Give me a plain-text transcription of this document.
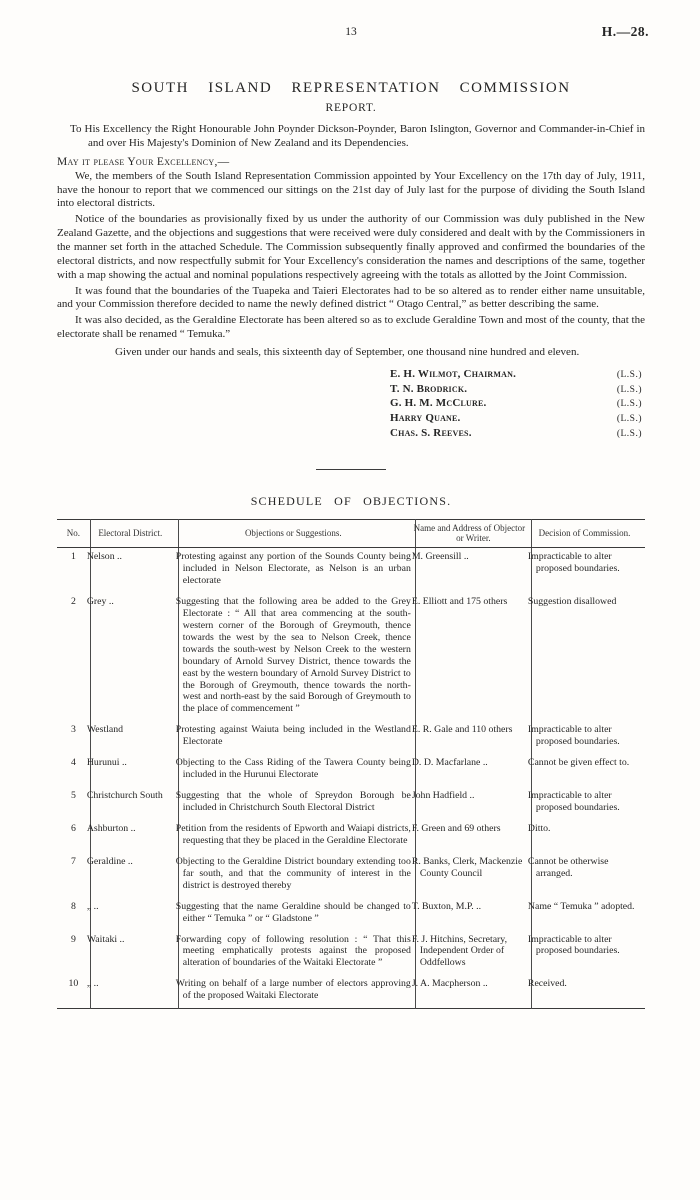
13	H.—28.
SOUTH ISLAND REPRESENTATION COMMISSION
REPORT.

To His Excellency the Right Honourable John Poynder Dickson-Poynder, Baron Islington, Governor and Commander-in-Chief in and over His Majesty's Dominion of New Zealand and its Dependencies.

May it please Your Excellency,—

We, the members of the South Island Representation Commission appointed by Your Excellency on the 17th day of July, 1911, have the honour to report that we commenced our sittings on the 21st day of July last for the purpose of dividing the South Island into electoral districts.

Notice of the boundaries as provisionally fixed by us under the authority of our Commission was duly published in the New Zealand Gazette, and the objections and suggestions that were received were duly considered and dealt with by the Commissioners in the manner set forth in the attached Schedule. The Commission subsequently finally approved and confirmed the boundaries of the electoral districts, and now respectfully submit for Your Excellency's consideration the names and descriptions of the same, together with a map showing the actual and nominal populations respectively agreeing with the totals as allotted by the Joint Commission.

It was found that the boundaries of the Tuapeka and Taieri Electorates had to be so altered as to render either name unsuitable, and your Commission therefore decided to name the newly defined district “ Otago Central,” as better describing the same.

It was also decided, as the Geraldine Electorate has been altered so as to exclude Geraldine Town and most of the county, that the electorate shall be renamed “ Temuka.”

Given under our hands and seals, this sixteenth day of September, one thousand nine hundred and eleven.

E. H. Wilmot, Chairman.	(L.S.)
T. N. Brodrick.	(L.S.)
G. H. M. McClure.	(L.S.)
Harry Quane.	(L.S.)
Chas. S. Reeves.	(L.S.)
SCHEDULE OF OBJECTIONS.
No.	Electoral District.	Objections or Suggestions.	Name and Address of Objector or Writer.	Decision of Commission.
1	Nelson ..	Protesting against any portion of the Sounds County being included in Nelson Electorate, as Nelson is an urban electorate	M. Greensill ..	Impracticable to alter proposed boundaries.
2	Grey ..	Suggesting that the following area be added to the Grey Electorate : “ All that area commencing at the south-western corner of the Borough of Greymouth, thence towards the west by the sea to Nelson Creek, thence towards the south-west by Nelson Creek to the western boundary of Arnold Survey District, thence towards the east by the western boundary of Arnold Survey District to the Borough of Greymouth, thence towards the north-west and north-east by the said Borough of Greymouth to the place of commencement ”	E. Elliott and 175 others	Suggestion disallowed
3	Westland	Protesting against Waiuta being included in the Westland Electorate	E. R. Gale and 110 others	Impracticable to alter proposed boundaries.
4	Hurunui ..	Objecting to the Cass Riding of the Tawera County being included in the Hurunui Electorate	D. D. Macfarlane ..	Cannot be given effect to.
5	Christchurch South	Suggesting that the whole of Spreydon Borough be included in Christchurch South Electoral District	John Hadfield ..	Impracticable to alter proposed boundaries.
6	Ashburton ..	Petition from the residents of Epworth and Waiapi districts, requesting that they be placed in the Geraldine Electorate	F. Green and 69 others	Ditto.
7	Geraldine ..	Objecting to the Geraldine District boundary extending too far south, and that the community of interest in the district is destroyed thereby	R. Banks, Clerk, Mackenzie County Council	Cannot be otherwise arranged.
8	„ ..	Suggesting that the name Geraldine should be changed to either “ Temuka ” or “ Gladstone ”	T. Buxton, M.P. ..	Name “ Temuka ” adopted.
9	Waitaki ..	Forwarding copy of following resolution : “ That this meeting emphatically protests against the proposed alteration of boundaries of the Waitaki Electorate ”	F. J. Hitchins, Secretary, Independent Order of Oddfellows	Impracticable to alter proposed boundaries.
10	„ ..	Writing on behalf of a large number of electors approving of the proposed Waitaki Electorate	J. A. Macpherson ..	Received.
